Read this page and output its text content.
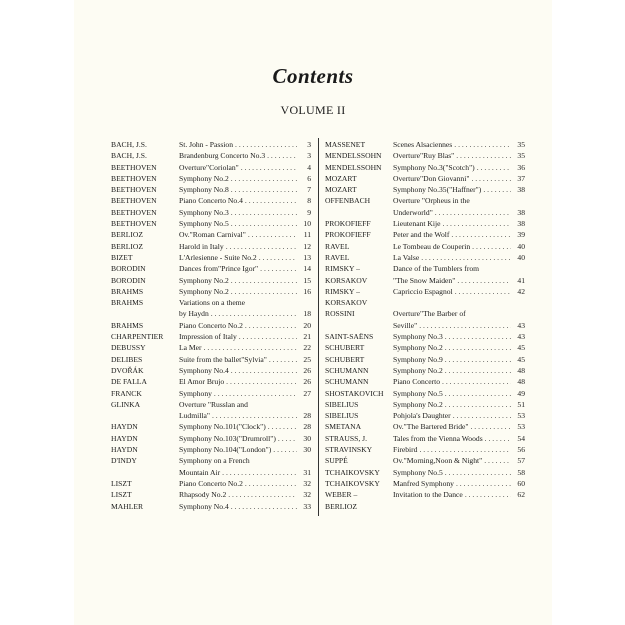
Contents
VOLUME II
BACH, J.S.	St. John - Passion . . .	3
BACH, J.S.	Brandenburg Concerto No.3 . . .	3
BEETHOVEN	Overture"Coriolan" . . .	4
BEETHOVEN	Symphony No.2 . . .	6
BEETHOVEN	Symphony No.8 . . .	7
BEETHOVEN	Piano Concerto No.4 . . .	8
BEETHOVEN	Symphony No.3 . . .	9
BEETHOVEN	Symphony No.5 . . .	10
BERLIOZ	Ov."Roman Carnival" . . .	11
BERLIOZ	Harold in Italy . . .	12
BIZET	L'Arlesienne - Suite No.2 . . .	13
BORODIN	Dances from"Prince Igor" . . .	14
BORODIN	Symphony No.2 . . .	15
BRAHMS	Symphony No.2 . . .	16
BRAHMS	Variations on a theme
by Haydn . . .	18
BRAHMS	Piano Concerto No.2 . . .	20
CHARPENTIER	Impression of Italy . . .	21
DEBUSSY	La Mer . . .	22
DELIBES	Suite from the ballet"Sylvia" . . .	25
DVOŘÁK	Symphony No.4 . . .	26
DE FALLA	El Amor Brujo . . .	26
FRANCK	Symphony . . .	27
GLINKA	Overture "Russlan and
Ludmilla" . . .	28
HAYDN	Symphony No.101("Clock") . . .	28
HAYDN	Symphony No.103("Drumroll") . . .	30
HAYDN	Symphony No.104("London") . . .	30
D'INDY	Symphony on a French
Mountain Air . . .	31
LISZT	Piano Concerto No.2 . . .	32
LISZT	Rhapsody No.2 . . .	32
MAHLER	Symphony No.4 . . .	33
MASSENET	Scenes Alsaciennes . . .	35
MENDELSSOHN	Overture"Ruy Blas" . . .	35
MENDELSSOHN	Symphony No.3("Scotch") . . .	36
MOZART	Overture"Don Giovanni" . . .	37
MOZART	Symphony No.35("Haffner") . . .	38
OFFENBACH	Overture "Orpheus in the
Underworld" . . .	38
PROKOFIEFF	Lieutenant Kije . . .	38
PROKOFIEFF	Peter and the Wolf . . .	39
RAVEL	Le Tombeau de Couperin . . .	40
RAVEL	La Valse . . .	40
RIMSKY –
KORSAKOV
Dance of the Tumblers from
"The Snow Maiden" . . .	41
RIMSKY –
KORSAKOV
Capriccio Espagnol . . .	42
ROSSINI	Overture"The Barber of
Seville" . . .	43
SAINT-SAËNS	Symphony No.3 . . .	43
SCHUBERT	Symphony No.2 . . .	45
SCHUBERT	Symphony No.9 . . .	45
SCHUMANN	Symphony No.2 . . .	48
SCHUMANN	Piano Concerto . . .	48
SHOSTAKOVICH	Symphony No.5 . . .	49
SIBELIUS	Symphony No.2 . . .	51
SIBELIUS	Pohjola's Daughter . . .	53
SMETANA	Ov."The Bartered Bride" . . .	53
STRAUSS, J.	Tales from the Vienna Woods . . .	54
STRAVINSKY	Firebird . . .	56
SUPPÉ	Ov."Morning,Noon & Night" . . .	57
TCHAIKOVSKY	Symphony No.5 . . .	58
TCHAIKOVSKY	Manfred Symphony . . .	60
WEBER –
BERLIOZ
Invitation to the Dance . . .	62
